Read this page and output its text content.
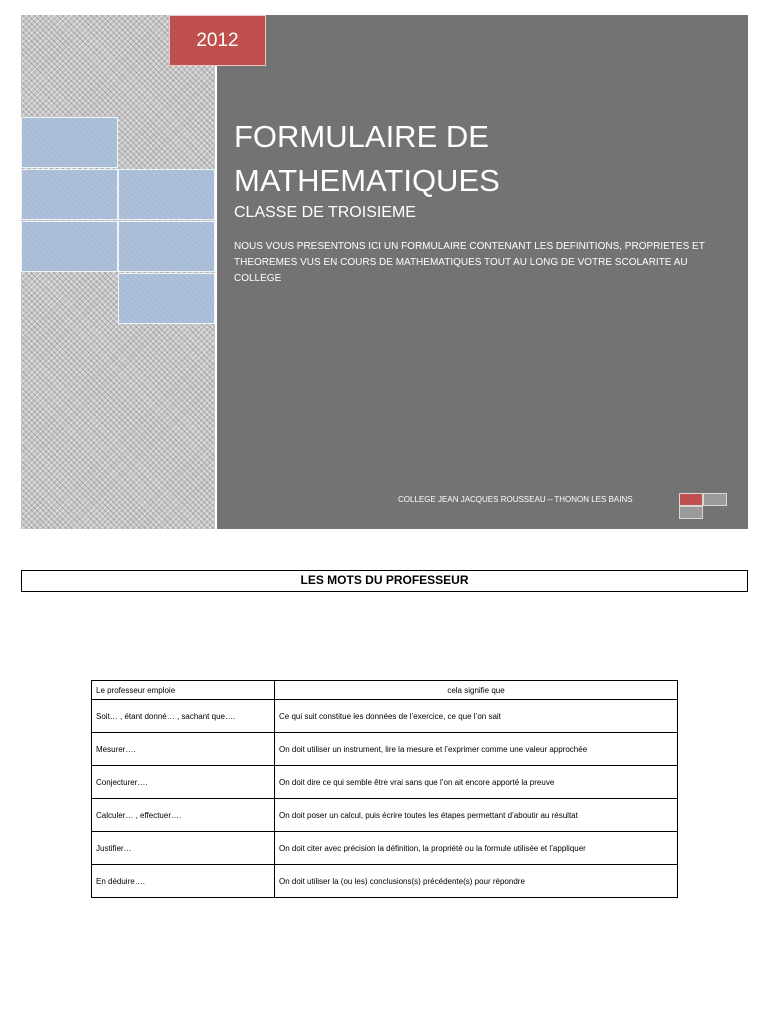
2012
FORMULAIRE DE
MATHEMATIQUES
CLASSE DE TROISIEME
NOUS VOUS PRESENTONS ICI UN FORMULAIRE CONTENANT LES DEFINITIONS, PROPRIETES ET THEOREMES VUS EN COURS DE MATHEMATIQUES TOUT AU LONG DE VOTRE SCOLARITE AU COLLEGE
COLLEGE JEAN JACQUES ROUSSEAU – THONON LES BAINS
LES MOTS DU PROFESSEUR
Le professeur emploie	cela signifie que
Soit… , étant donné… , sachant que….	Ce qui suit constitue les données de l’exercice, ce que l’on sait
Mesurer….	On doit utiliser un instrument, lire la mesure et l’exprimer comme une valeur approchée
Conjecturer….	On doit dire ce qui semble être vrai sans que l’on ait encore apporté la preuve
Calculer… , effectuer….	On doit poser un calcul, puis écrire toutes les étapes permettant d’aboutir au résultat
Justifier…	On doit citer avec précision la définition, la propriété ou la formule utilisée et l’appliquer
En déduire….	On doit utiliser la (ou les) conclusions(s) précédente(s) pour répondre
